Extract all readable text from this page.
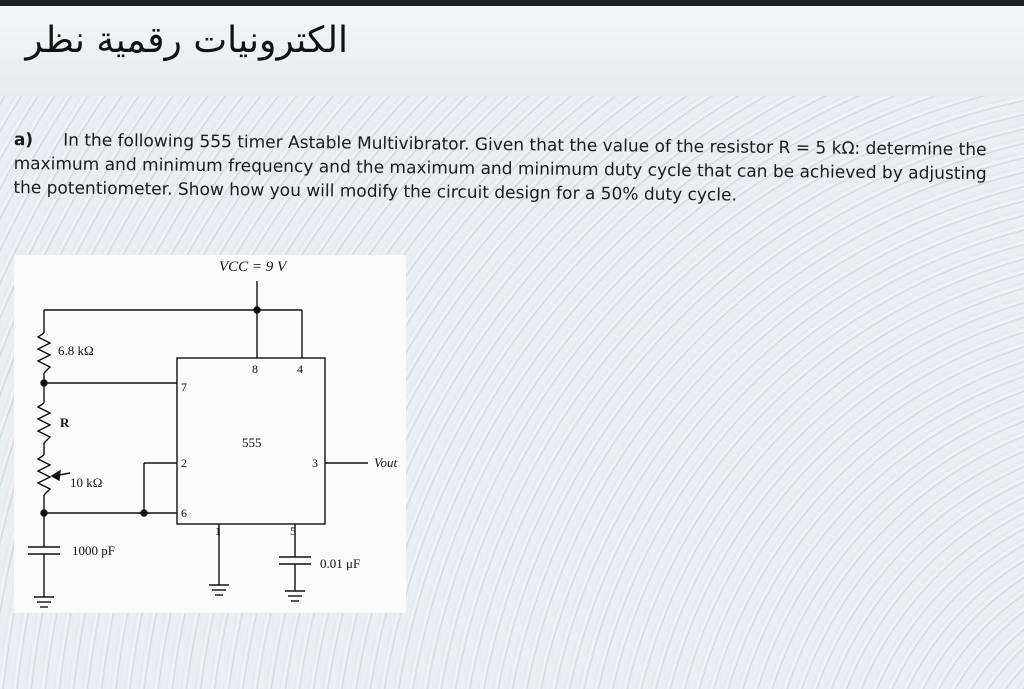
الكترونيات رقمية نظر
a) In the following 555 timer Astable Multivibrator. Given that the value of the resistor R = 5 kΩ: determine the maximum and minimum frequency and the maximum and minimum duty cycle that can be achieved by adjusting the potentiometer. Show how you will modify the circuit design for a 50% duty cycle.
VCC = 9 V
6.8 kΩ
R
10 kΩ
1000 pF
0.01 μF
555
Vout
8	4
7
2	3
6
1	5
